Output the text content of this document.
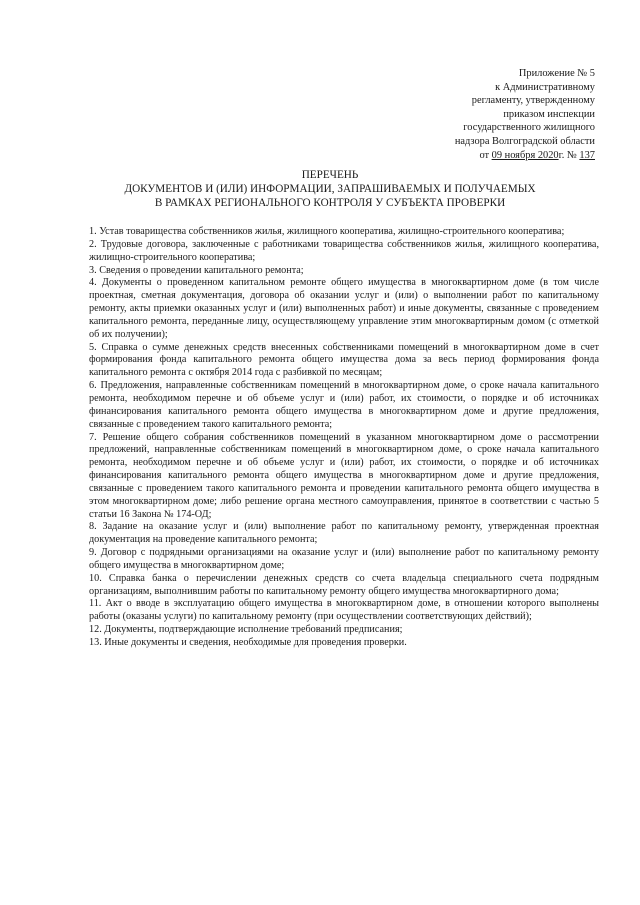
Приложение № 5
к Административному
регламенту, утвержденному
приказом инспекции
государственного жилищного
надзора Волгоградской области
от 09 ноября 2020г. № 137
ПЕРЕЧЕНЬ
ДОКУМЕНТОВ И (ИЛИ) ИНФОРМАЦИИ, ЗАПРАШИВАЕМЫХ И ПОЛУЧАЕМЫХ
В РАМКАХ РЕГИОНАЛЬНОГО КОНТРОЛЯ У СУБЪЕКТА ПРОВЕРКИ

1. Устав товарищества собственников жилья, жилищного кооператива, жилищно-строительного кооператива;

2. Трудовые договора, заключенные с работниками товарищества собственников жилья, жилищного кооператива, жилищно-строительного кооператива;

3. Сведения о проведении капитального ремонта;

4. Документы о проведенном капитальном ремонте общего имущества в многоквартирном доме (в том числе проектная, сметная документация, договора об оказании услуг и (или) о выполнении работ по капитальному ремонту, акты приемки оказанных услуг и (или) выполненных работ) и иные документы, связанные с проведением капитального ремонта, переданные лицу, осуществляющему управление этим многоквартирным домом (с отметкой об их получении);

5. Справка о сумме денежных средств внесенных собственниками помещений в многоквартирном доме в счет формирования фонда капитального ремонта общего имущества дома за весь период формирования фонда капитального ремонта с октября 2014 года с разбивкой по месяцам;

6. Предложения, направленные собственникам помещений в многоквартирном доме, о сроке начала капитального ремонта, необходимом перечне и об объеме услуг и (или) работ, их стоимости, о порядке и об источниках финансирования капитального ремонта общего имущества в многоквартирном доме и другие предложения, связанные с проведением такого капитального ремонта;

7. Решение общего собрания собственников помещений в указанном многоквартирном доме о рассмотрении предложений, направленные собственникам помещений в многоквартирном доме, о сроке начала капитального ремонта, необходимом перечне и об объеме услуг и (или) работ, их стоимости, о порядке и об источниках финансирования капитального ремонта общего имущества в многоквартирном доме и другие предложения, связанные с проведением такого капитального ремонта и проведении капитального ремонта общего имущества в этом многоквартирном доме; либо решение органа местного самоуправления, принятое в соответствии с частью 5 статьи 16 Закона № 174-ОД;

8. Задание на оказание услуг и (или) выполнение работ по капитальному ремонту, утвержденная проектная документация на проведение капитального ремонта;

9. Договор с подрядными организациями на оказание услуг и (или) выполнение работ по капитальному ремонту общего имущества в многоквартирном доме;

10. Справка банка о перечислении денежных средств со счета владельца специального счета подрядным организациям, выполнившим работы по капитальному ремонту общего имущества многоквартирного дома;

11. Акт о вводе в эксплуатацию общего имущества в многоквартирном доме, в отношении которого выполнены работы (оказаны услуги) по капитальному ремонту (при осуществлении соответствующих действий);

12. Документы, подтверждающие исполнение требований предписания;

13. Иные документы и сведения, необходимые для проведения проверки.
